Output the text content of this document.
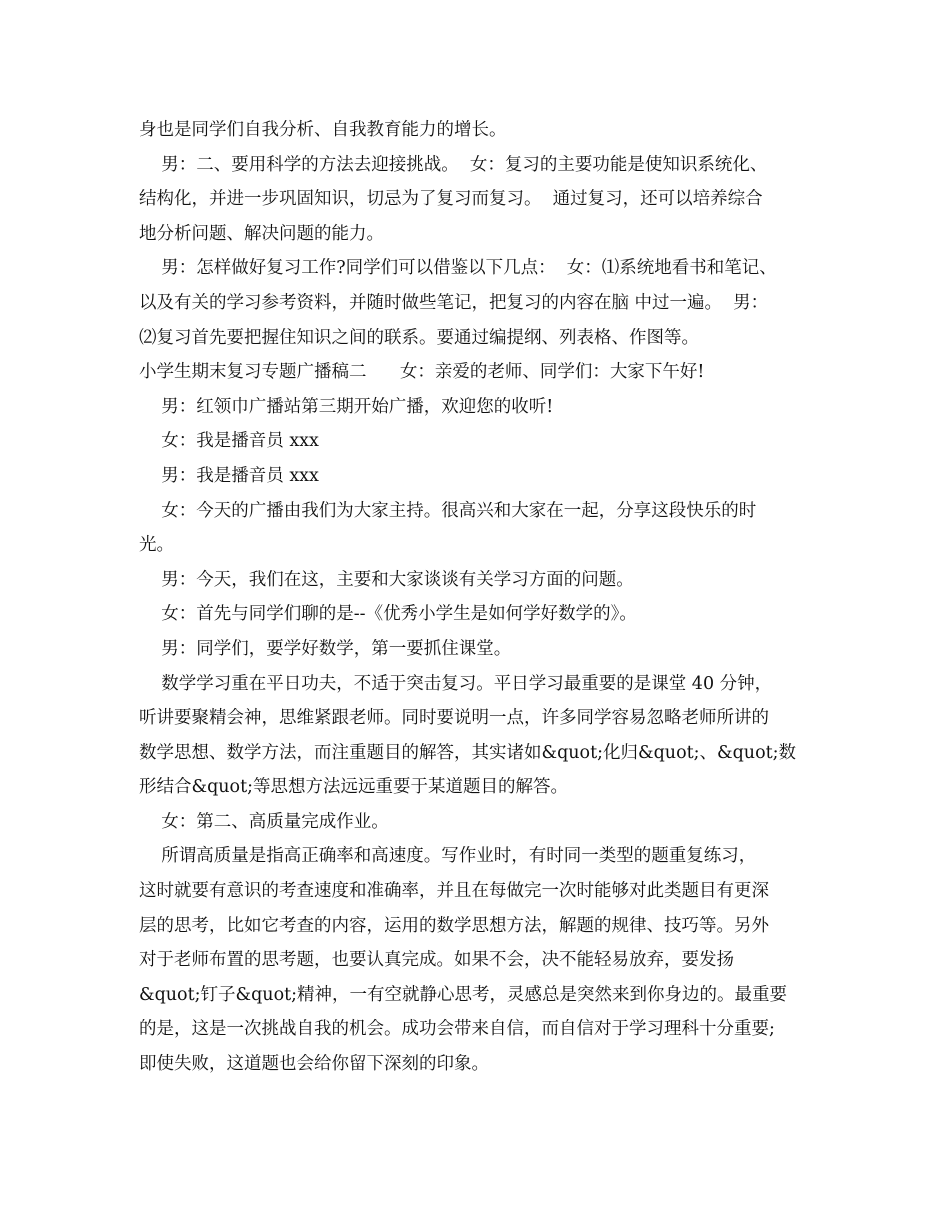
身也是同学们自我分析、自我教育能力的增长。
男：二、要用科学的方法去迎接挑战。  女：复习的主要功能是使知识系统化、
结构化，并进一步巩固知识，切忌为了复习而复习。  通过复习，还可以培养综合
地分析问题、解决问题的能力。
男：怎样做好复习工作?同学们可以借鉴以下几点：  女：⑴系统地看书和笔记、
以及有关的学习参考资料，并随时做些笔记，把复习的内容在脑 中过一遍。  男：
⑵复习首先要把握住知识之间的联系。要通过编提纲、列表格、作图等。
小学生期末复习专题广播稿二      女：亲爱的老师、同学们：大家下午好!
男：红领巾广播站第三期开始广播，欢迎您的收听!
女：我是播音员 xxx
男：我是播音员 xxx
女：今天的广播由我们为大家主持。很高兴和大家在一起，分享这段快乐的时
光。
男：今天，我们在这，主要和大家谈谈有关学习方面的问题。
女：首先与同学们聊的是--《优秀小学生是如何学好数学的》。
男：同学们，要学好数学，第一要抓住课堂。
数学学习重在平日功夫，不适于突击复习。平日学习最重要的是课堂 40 分钟，
听讲要聚精会神，思维紧跟老师。同时要说明一点，许多同学容易忽略老师所讲的
数学思想、数学方法，而注重题目的解答，其实诸如&quot;化归&quot;、&quot;数
形结合&quot;等思想方法远远重要于某道题目的解答。
女：第二、高质量完成作业。
所谓高质量是指高正确率和高速度。写作业时，有时同一类型的题重复练习，
这时就要有意识的考查速度和准确率，并且在每做完一次时能够对此类题目有更深
层的思考，比如它考查的内容，运用的数学思想方法，解题的规律、技巧等。另外
对于老师布置的思考题，也要认真完成。如果不会，决不能轻易放弃，要发扬
&quot;钉子&quot;精神，一有空就静心思考，灵感总是突然来到你身边的。最重要
的是，这是一次挑战自我的机会。成功会带来自信，而自信对于学习理科十分重要;
即使失败，这道题也会给你留下深刻的印象。
